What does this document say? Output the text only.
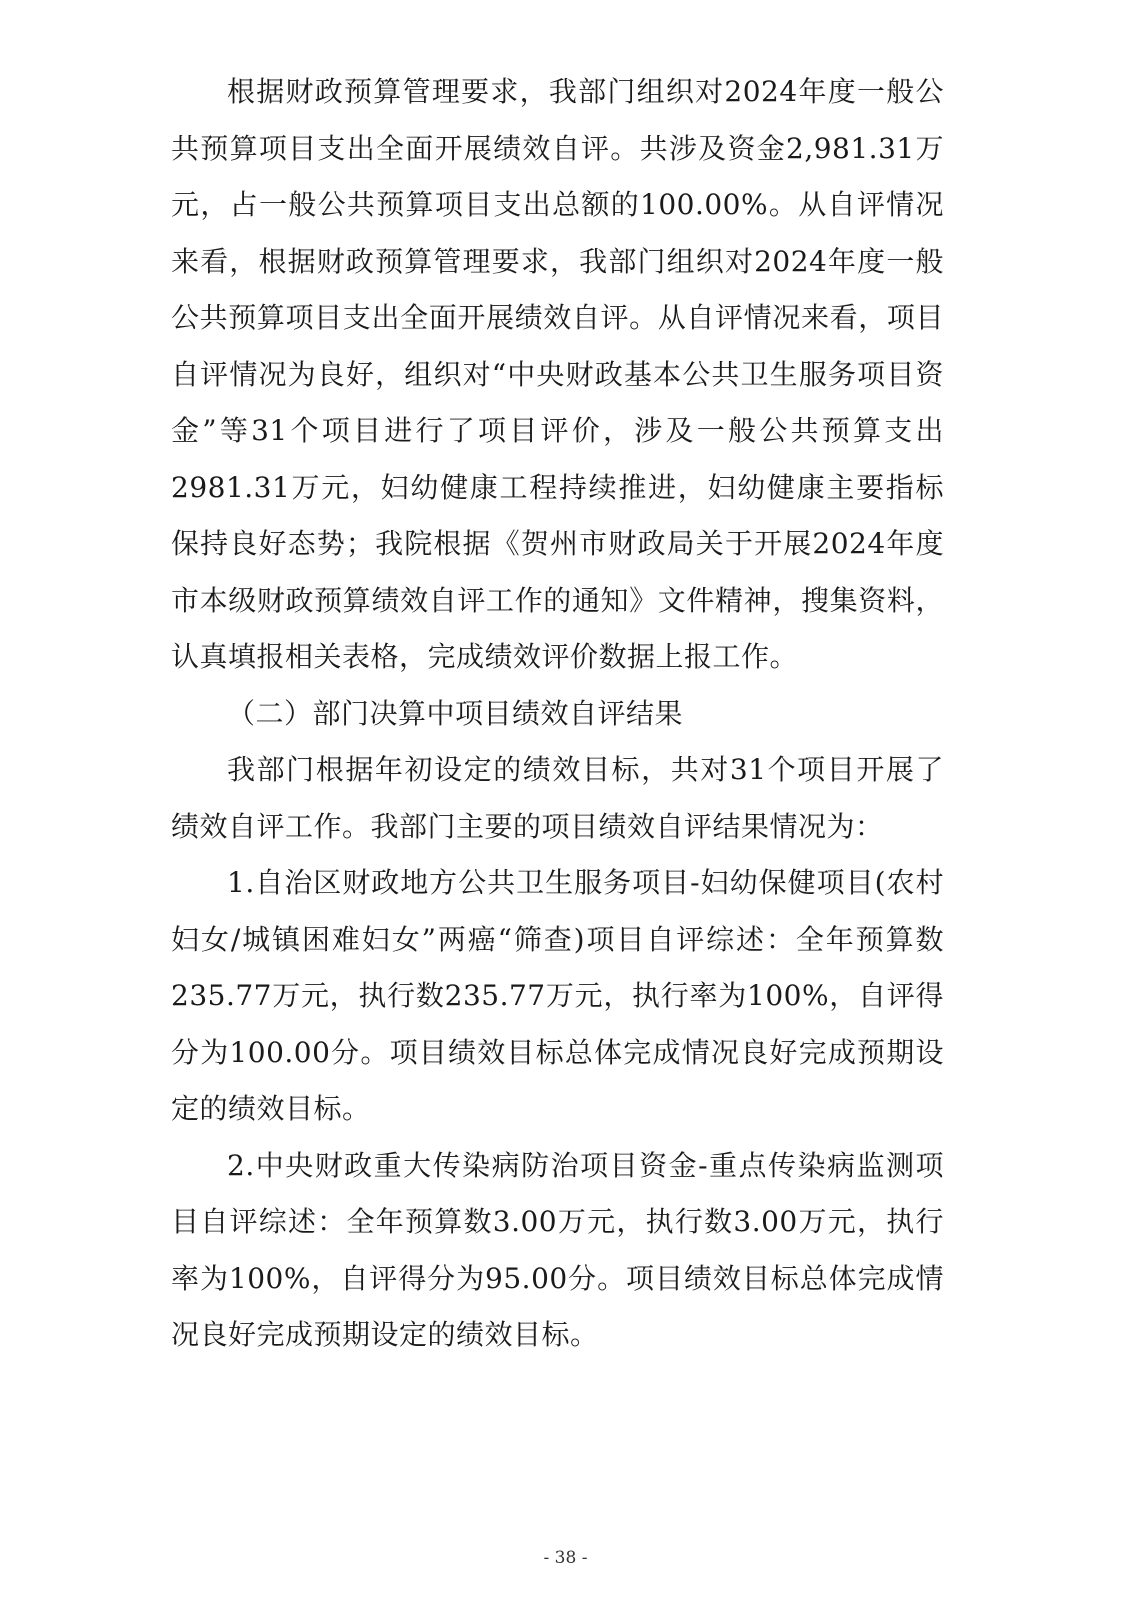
根据财政预算管理要求，我部门组织对2024年度一般公共预算项目支出全面开展绩效自评。共涉及资金2,981.31万元，占一般公共预算项目支出总额的100.00%。从自评情况来看，根据财政预算管理要求，我部门组织对2024年度一般公共预算项目支出全面开展绩效自评。从自评情况来看，项目自评情况为良好，组织对“中央财政基本公共卫生服务项目资金”等31个项目进行了项目评价，涉及一般公共预算支出2981.31万元，妇幼健康工程持续推进，妇幼健康主要指标保持良好态势；我院根据《贺州市财政局关于开展2024年度市本级财政预算绩效自评工作的通知》文件精神，搜集资料，认真填报相关表格，完成绩效评价数据上报工作。

（二）部门决算中项目绩效自评结果

我部门根据年初设定的绩效目标，共对31个项目开展了绩效自评工作。我部门主要的项目绩效自评结果情况为：

1.自治区财政地方公共卫生服务项目-妇幼保健项目(农村妇女/城镇困难妇女”两癌“筛查)项目自评综述：全年预算数235.77万元，执行数235.77万元，执行率为100%，自评得分为100.00分。项目绩效目标总体完成情况良好完成预期设定的绩效目标。

2.中央财政重大传染病防治项目资金-重点传染病监测项目自评综述：全年预算数3.00万元，执行数3.00万元，执行率为100%，自评得分为95.00分。项目绩效目标总体完成情况良好完成预期设定的绩效目标。

- 38 -
